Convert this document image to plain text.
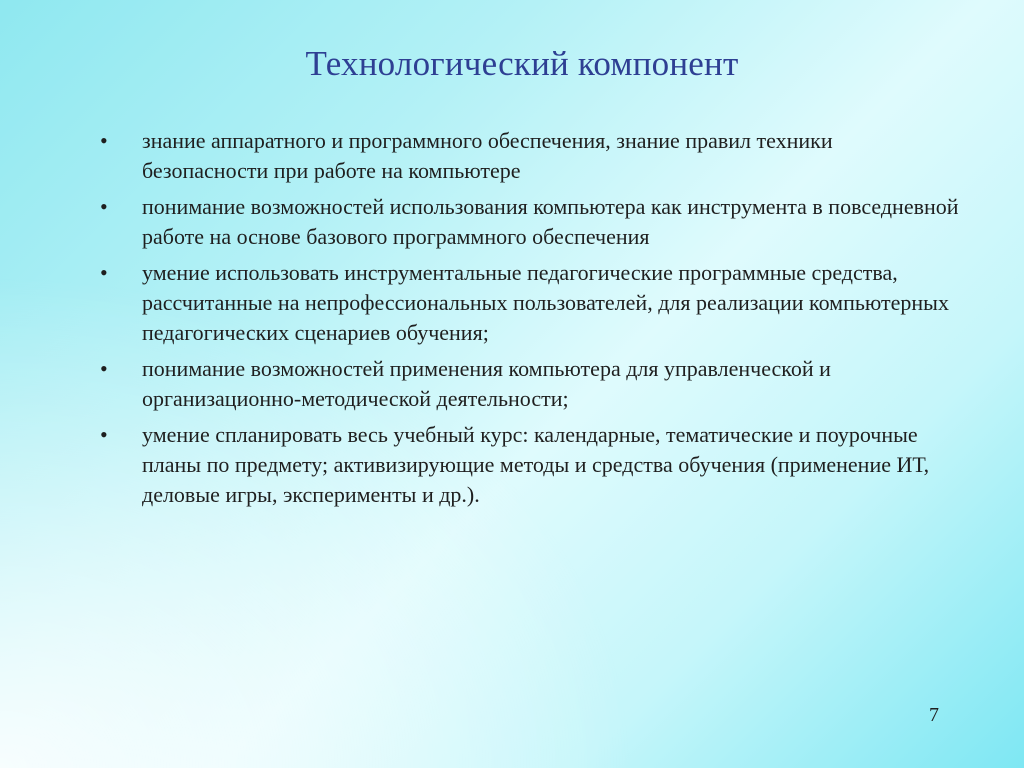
Технологический компонент
•	знание аппаратного и программного обеспечения, знание правил техники безопасности при работе на компьютере
•	понимание возможностей использования компьютера как инструмента в повседневной работе на основе базового программного обеспечения
•	умение использовать инструментальные педагогические программные средства, рассчитанные на непрофессиональных пользователей, для реализации компьютерных педагогических сценариев обучения;
•	понимание возможностей применения компьютера для управленческой и организационно-методической деятельности;
•	умение спланировать весь учебный курс: календарные, тематические и поурочные планы по предмету; активизирующие методы и средства обучения (применение ИТ, деловые игры, эксперименты и др.).
7
